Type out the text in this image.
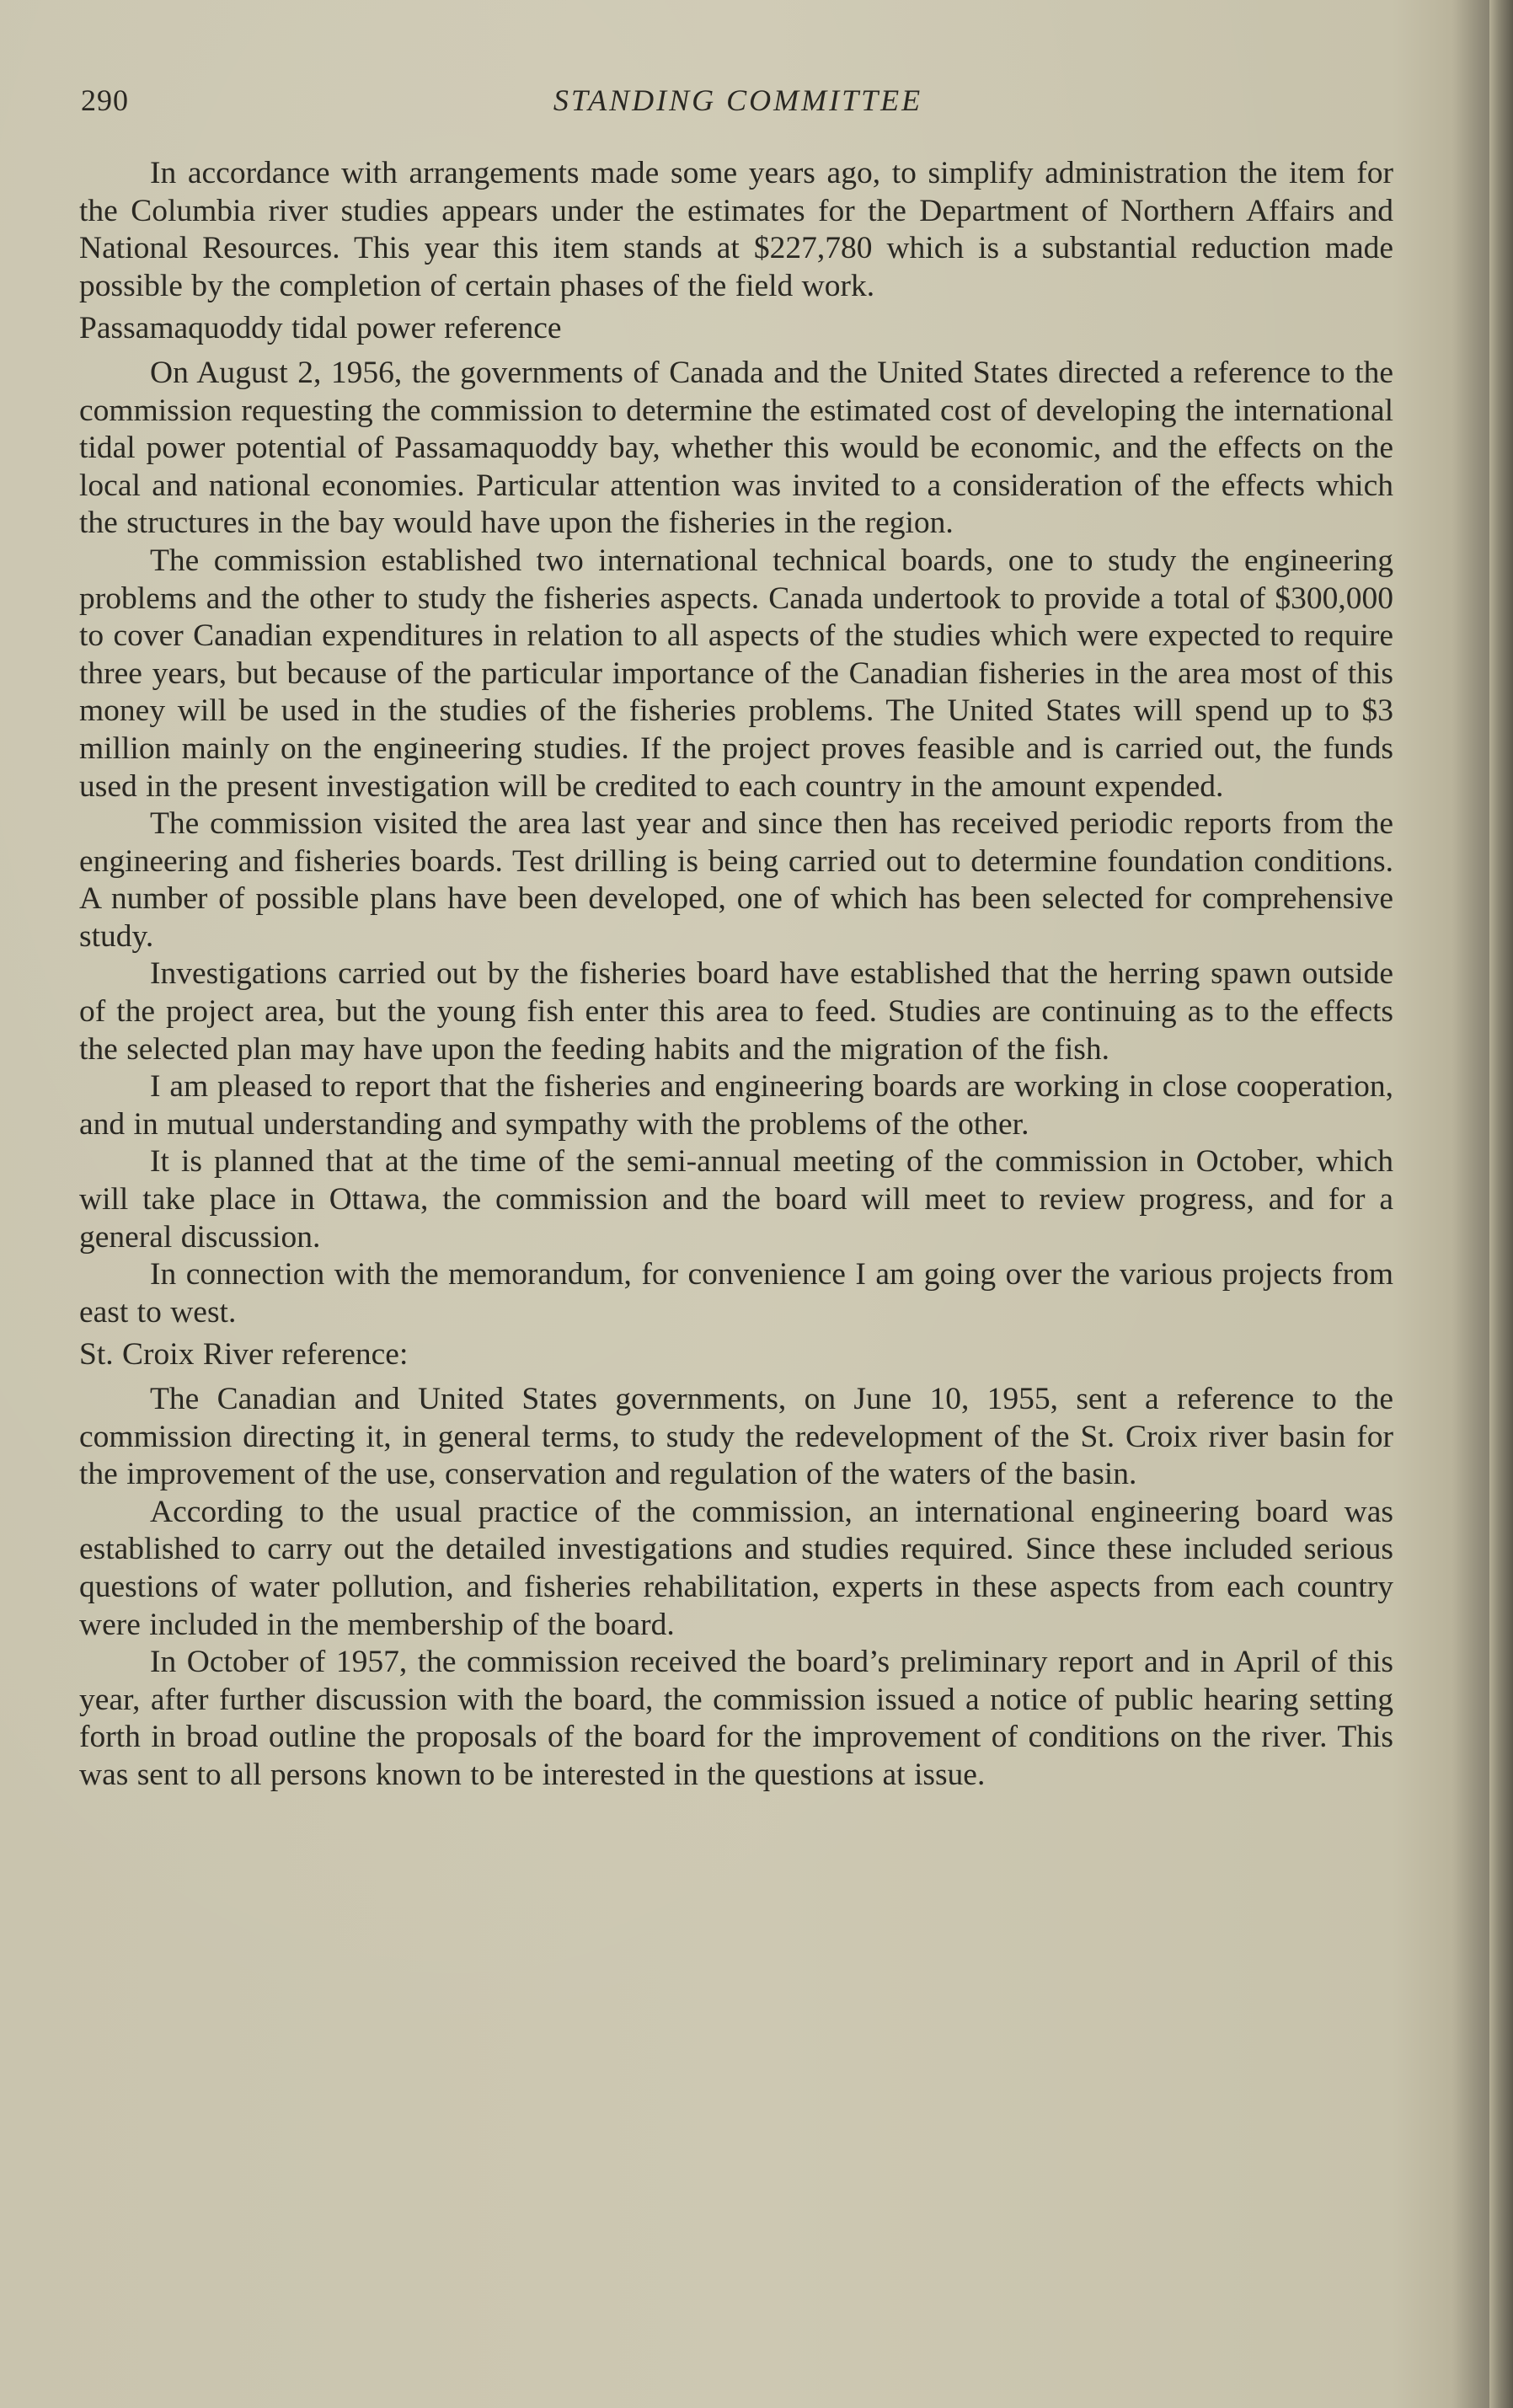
290	STANDING COMMITTEE

In accordance with arrangements made some years ago, to simplify administration the item for the Columbia river studies appears under the estimates for the Department of Northern Affairs and National Resources. This year this item stands at $227,780 which is a substantial reduction made possible by the completion of certain phases of the field work.

Passamaquoddy tidal power reference

On August 2, 1956, the governments of Canada and the United States directed a reference to the commission requesting the commission to determine the estimated cost of developing the international tidal power potential of Passamaquoddy bay, whether this would be economic, and the effects on the local and national economies. Particular attention was invited to a consideration of the effects which the structures in the bay would have upon the fisheries in the region.

The commission established two international technical boards, one to study the engineering problems and the other to study the fisheries aspects. Canada undertook to provide a total of $300,000 to cover Canadian expenditures in relation to all aspects of the studies which were expected to require three years, but because of the particular importance of the Canadian fisheries in the area most of this money will be used in the studies of the fisheries problems. The United States will spend up to $3 million mainly on the engineering studies. If the project proves feasible and is carried out, the funds used in the present investigation will be credited to each country in the amount expended.

The commission visited the area last year and since then has received periodic reports from the engineering and fisheries boards. Test drilling is being carried out to determine foundation conditions. A number of possible plans have been developed, one of which has been selected for comprehensive study.

Investigations carried out by the fisheries board have established that the herring spawn outside of the project area, but the young fish enter this area to feed. Studies are continuing as to the effects the selected plan may have upon the feeding habits and the migration of the fish.

I am pleased to report that the fisheries and engineering boards are working in close cooperation, and in mutual understanding and sympathy with the problems of the other.

It is planned that at the time of the semi-annual meeting of the commission in October, which will take place in Ottawa, the commission and the board will meet to review progress, and for a general discussion.

In connection with the memorandum, for convenience I am going over the various projects from east to west.

St. Croix River reference:

The Canadian and United States governments, on June 10, 1955, sent a reference to the commission directing it, in general terms, to study the redevelopment of the St. Croix river basin for the improvement of the use, conservation and regulation of the waters of the basin.

According to the usual practice of the commission, an international engineering board was established to carry out the detailed investigations and studies required. Since these included serious questions of water pollution, and fisheries rehabilitation, experts in these aspects from each country were included in the membership of the board.

In October of 1957, the commission received the board’s preliminary report and in April of this year, after further discussion with the board, the commission issued a notice of public hearing setting forth in broad outline the proposals of the board for the improvement of conditions on the river. This was sent to all persons known to be interested in the questions at issue.
